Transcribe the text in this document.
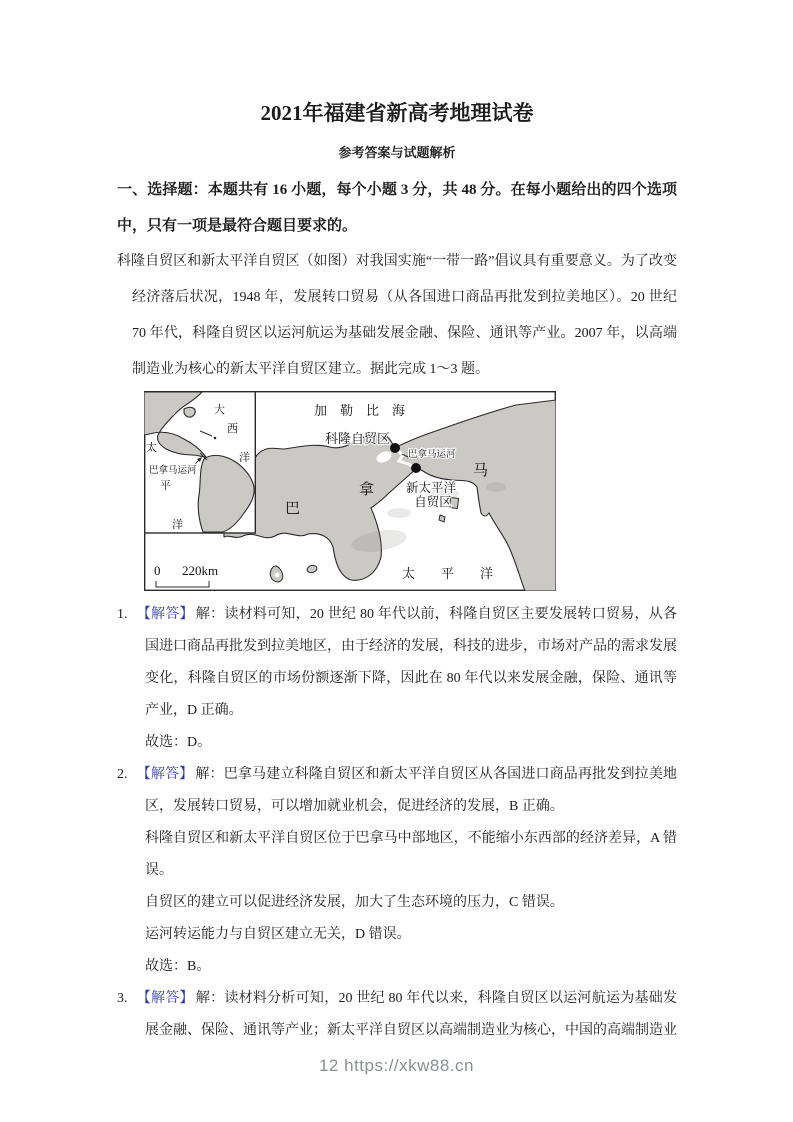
2021年福建省新高考地理试卷
参考答案与试题解析

一、选择题：本题共有 16 小题，每个小题 3 分，共 48 分。在每小题给出的四个选项中，只有一项是最符合题目要求的。

科隆自贸区和新太平洋自贸区（如图）对我国实施“一带一路”倡议具有重要意义。为了改变经济落后状况，1948 年，发展转口贸易（从各国进口商品再批发到拉美地区）。20 世纪 70 年代，科隆自贸区以运河航运为基础发展金融、保险、通讯等产业。2007 年，以高端制造业为核心的新太平洋自贸区建立。据此完成 1～3 题。

加　勒　比　海
科隆自贸区
巴拿马运河
巴
拿
马
新太平洋
自贸区
太　　平　　洋
大
西
洋
太
平
洋
巴拿马运河
0 220km

1. 【解答】 解：读材料可知，20 世纪 80 年代以前，科隆自贸区主要发展转口贸易，从各国进口商品再批发到拉美地区，由于经济的发展，科技的进步，市场对产品的需求发展变化，科隆自贸区的市场份额逐渐下降，因此在 80 年代以来发展金融，保险、通讯等产业，D 正确。

故选：D。

2. 【解答】 解：巴拿马建立科隆自贸区和新太平洋自贸区从各国进口商品再批发到拉美地区，发展转口贸易，可以增加就业机会，促进经济的发展，B 正确。

科隆自贸区和新太平洋自贸区位于巴拿马中部地区，不能缩小东西部的经济差异，A 错误。

自贸区的建立可以促进经济发展，加大了生态环境的压力，C 错误。

运河转运能力与自贸区建立无关，D 错误。

故选：B。

3. 【解答】 解：读材料分析可知，20 世纪 80 年代以来，科隆自贸区以运河航运为基础发展金融、保险、通讯等产业；新太平洋自贸区以高端制造业为核心，中国的高端制造业

12 https://xkw88.cn
